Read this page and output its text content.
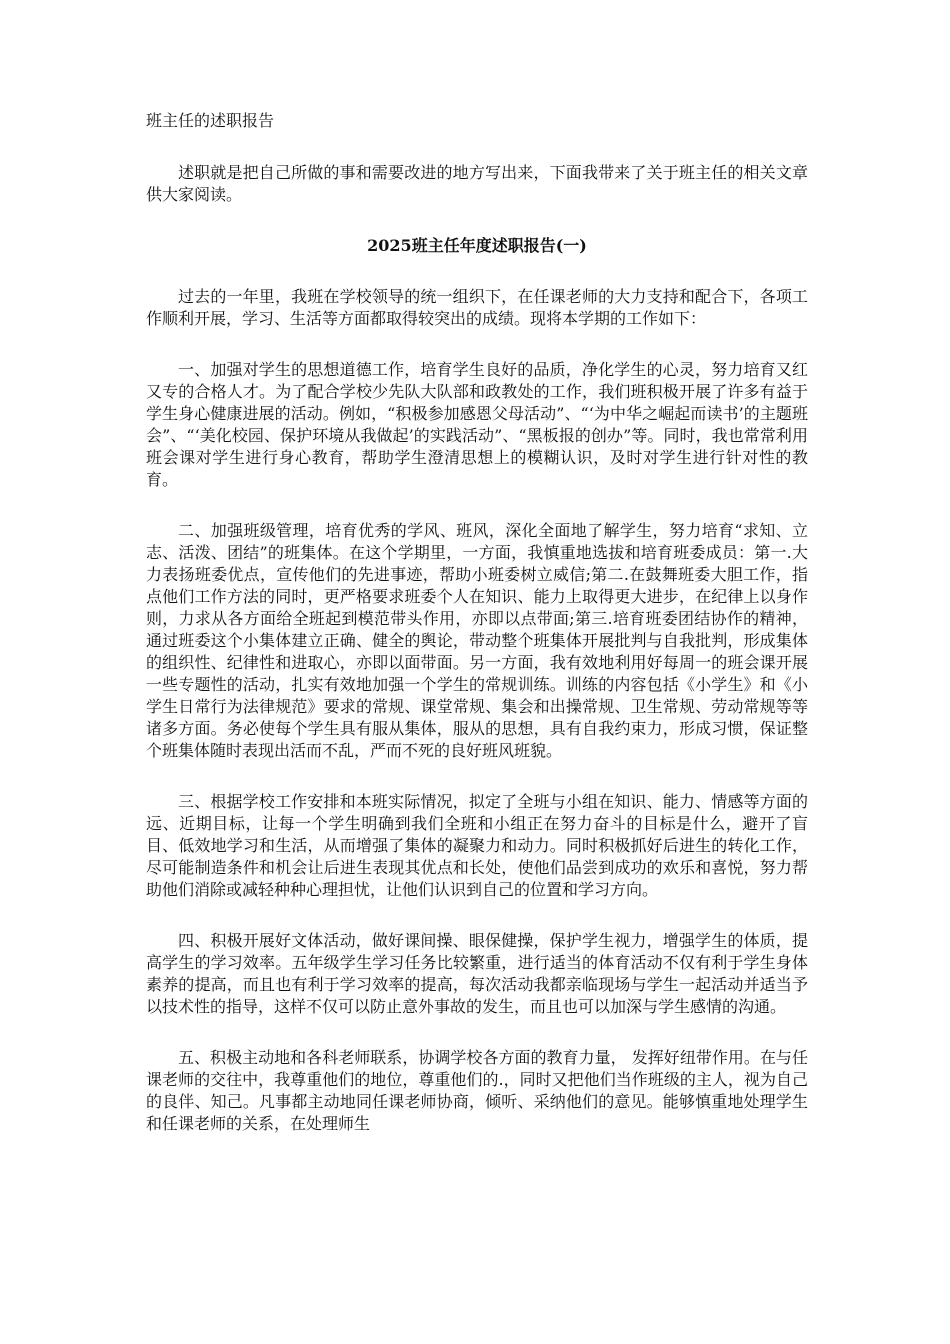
班主任的述职报告

述职就是把自己所做的事和需要改进的地方写出来，下面我带来了关于班主任的相关文章供大家阅读。

2025班主任年度述职报告(一)

过去的一年里，我班在学校领导的统一组织下，在任课老师的大力支持和配合下，各项工作顺利开展，学习、生活等方面都取得较突出的成绩。现将本学期的工作如下：

一、加强对学生的思想道德工作，培育学生良好的品质，净化学生的心灵，努力培育又红又专的合格人才。为了配合学校少先队大队部和政教处的工作，我们班积极开展了许多有益于学生身心健康进展的活动。例如，“积极参加感恩父母活动”、“‘为中华之崛起而读书’的主题班会”、“‘美化校园、保护环境从我做起’的实践活动”、“黑板报的创办”等。同时，我也常常利用班会课对学生进行身心教育，帮助学生澄清思想上的模糊认识，及时对学生进行针对性的教育。

二、加强班级管理，培育优秀的学风、班风，深化全面地了解学生，努力培育“求知、立志、活泼、团结”的班集体。在这个学期里，一方面，我慎重地选拔和培育班委成员：第一.大力表扬班委优点，宣传他们的先进事迹，帮助小班委树立威信;第二.在鼓舞班委大胆工作，指点他们工作方法的同时，更严格要求班委个人在知识、能力上取得更大进步，在纪律上以身作则，力求从各方面给全班起到模范带头作用，亦即以点带面;第三.培育班委团结协作的精神，通过班委这个小集体建立正确、健全的舆论，带动整个班集体开展批判与自我批判，形成集体的组织性、纪律性和进取心，亦即以面带面。另一方面，我有效地利用好每周一的班会课开展一些专题性的活动，扎实有效地加强一个学生的常规训练。训练的内容包括《小学生》和《小学生日常行为法律规范》要求的常规、课堂常规、集会和出操常规、卫生常规、劳动常规等等诸多方面。务必使每个学生具有服从集体，服从的思想，具有自我约束力，形成习惯，保证整个班集体随时表现出活而不乱，严而不死的良好班风班貌。

三、根据学校工作安排和本班实际情况，拟定了全班与小组在知识、能力、情感等方面的远、近期目标，让每一个学生明确到我们全班和小组正在努力奋斗的目标是什么，避开了盲目、低效地学习和生活，从而增强了集体的凝聚力和动力。同时积极抓好后进生的转化工作，尽可能制造条件和机会让后进生表现其优点和长处，使他们品尝到成功的欢乐和喜悦，努力帮助他们消除或减轻种种心理担忧，让他们认识到自己的位置和学习方向。

四、积极开展好文体活动，做好课间操、眼保健操，保护学生视力，增强学生的体质，提高学生的学习效率。五年级学生学习任务比较繁重，进行适当的体育活动不仅有利于学生身体素养的提高，而且也有利于学习效率的提高，每次活动我都亲临现场与学生一起活动并适当予以技术性的指导，这样不仅可以防止意外事故的发生，而且也可以加深与学生感情的沟通。

五、积极主动地和各科老师联系，协调学校各方面的教育力量， 发挥好纽带作用。在与任课老师的交往中，我尊重他们的地位，尊重他们的.，同时又把他们当作班级的主人，视为自己的良伴、知己。凡事都主动地同任课老师协商，倾听、采纳他们的意见。能够慎重地处理学生和任课老师的关系，在处理师生
